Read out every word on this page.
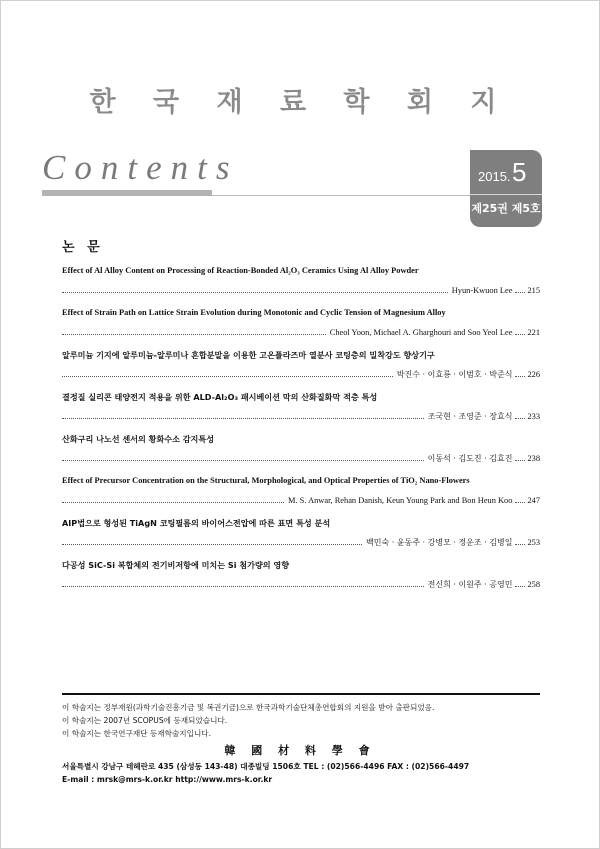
한 국 재 료 학 회 지
Contents	2015. 5
제25권 제5호
논 문
Effect of Al Alloy Content on Processing of Reaction-Bonded Al₂O₃ Ceramics Using Al Alloy Powder
Hyun-Kwuon Lee 215
Effect of Strain Path on Lattice Strain Evolution during Monotonic and Cyclic Tension of Magnesium Alloy
Cheol Yoon, Michael A. Gharghouri and Soo Yeol Lee 221
알루미늄 기지에 알루미늄-알루미나 혼합분말을 이용한 고온플라즈마 열분사 코팅층의 밀착강도 향상기구
박진수 · 이효룡 · 이범호 · 박준식 226
결정질 실리콘 태양전지 적용을 위한 ALD-Al₂O₃ 패시베이션 막의 산화질화막 적층 특성
조국현 · 조영준 · 장효식 233
산화구리 나노선 센서의 황화수소 감지특성
이동석 · 김도진 · 김효진 238
Effect of Precursor Concentration on the Structural, Morphological, and Optical Properties of TiO₂ Nano-Flowers
M. S. Anwar, Rehan Danish, Keun Young Park and Bon Heun Koo 247
AIP법으로 형성된 TiAgN 코팅필름의 바이어스전압에 따른 표면 특성 분석
백민숙 · 윤동주 · 강병모 · 정운조 · 김병일 253
다공성 SiC-Si 복합체의 전기비저항에 미치는 Si 첨가량의 영향
전신희 · 이원주 · 공영민 258
이 학술지는 정부재원(과학기술진흥기금 및 복권기금)으로 한국과학기술단체총연합회의 지원을 받아 출판되었음.
이 학술지는 2007년 SCOPUS에 등재되었습니다.
이 학술지는 한국연구재단 등재학술지입니다.
韓 國 材 料 學 會
서울특별시 강남구 테헤란로 435 (삼성동 143-48) 대종빌딩 1506호 TEL : (02)566-4496 FAX : (02)566-4497
E-mail : mrsk@mrs-k.or.kr http://www.mrs-k.or.kr
